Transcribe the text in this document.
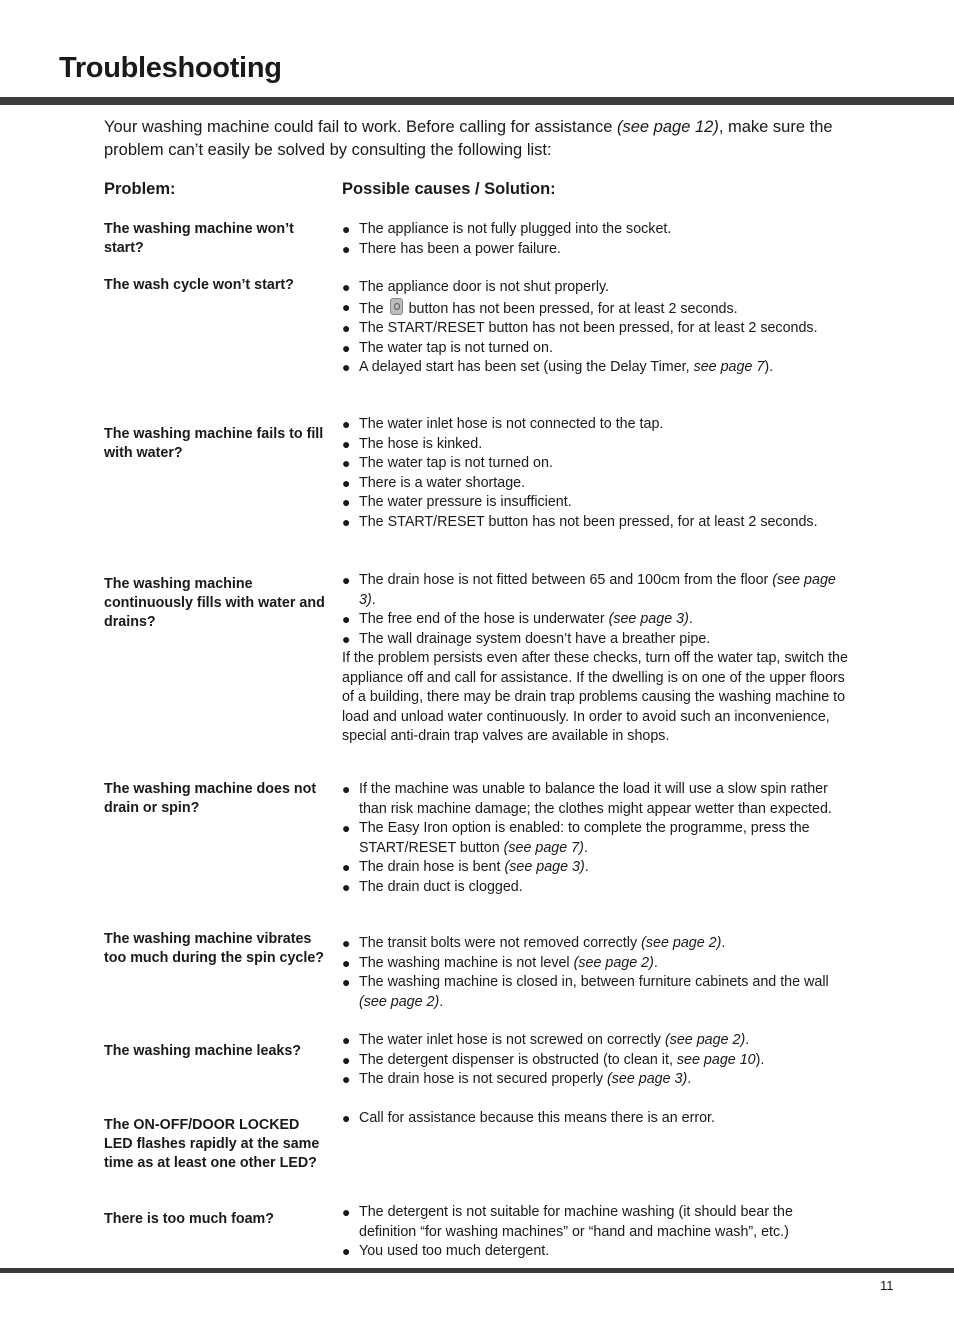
Troubleshooting

Your washing machine could fail to work. Before calling for assistance (see page 12), make sure the problem can’t easily be solved by consulting the following list:

Problem:	Possible causes / Solution:

The washing machine won’t start?

● The appliance is not fully plugged into the socket.
● There has been a power failure.

The wash cycle won’t start?	● The appliance door is not shut properly.
● The  button has not been pressed, for at least 2 seconds.
● The START/RESET button has not been pressed, for at least 2 seconds.
● The water tap is not turned on.
● A delayed start has been set (using the Delay Timer, see page 7).

The washing machine fails to fill with water?

● The water inlet hose is not connected to the tap.
● The hose is kinked.
● The water tap is not turned on.
● There is a water shortage.
● The water pressure is insufficient.
● The START/RESET button has not been pressed, for at least 2 seconds.

The washing machine continuously fills with water and drains?

● The drain hose is not fitted between 65 and 100cm from the floor (see page 3).
● The free end of the hose is underwater (see page 3).
● The wall drainage system doesn’t have a breather pipe.
If the problem persists even after these checks, turn off the water tap, switch the appliance off and call for assistance. If the dwelling is on one of the upper floors of a building, there may be drain trap problems causing the washing machine to load and unload water continuously. In order to avoid such an inconvenience, special anti-drain trap valves are available in shops.

The washing machine does not drain or spin?

● If the machine was unable to balance the load it will use a slow spin rather than risk machine damage; the clothes might appear wetter than expected.
● The Easy Iron option is enabled: to complete the programme, press the START/RESET button (see page 7).
● The drain hose is bent (see page 3).
● The drain duct is clogged.

The washing machine vibrates too much during the spin cycle?

● The transit bolts were not removed correctly (see page 2).
● The washing machine is not level (see page 2).
● The washing machine is closed in, between furniture cabinets and the wall (see page 2).

The washing machine leaks?

● The water inlet hose is not screwed on correctly (see page 2).
● The detergent dispenser is obstructed (to clean it, see page 10).
● The drain hose is not secured properly (see page 3).

The ON-OFF/DOOR LOCKED LED flashes rapidly at the same time as at least one other LED?

● Call for assistance because this means there is an error.

There is too much foam?	● The detergent is not suitable for machine washing (it should bear the definition “for washing machines” or “hand and machine wash”, etc.)
● You used too much detergent.
11
